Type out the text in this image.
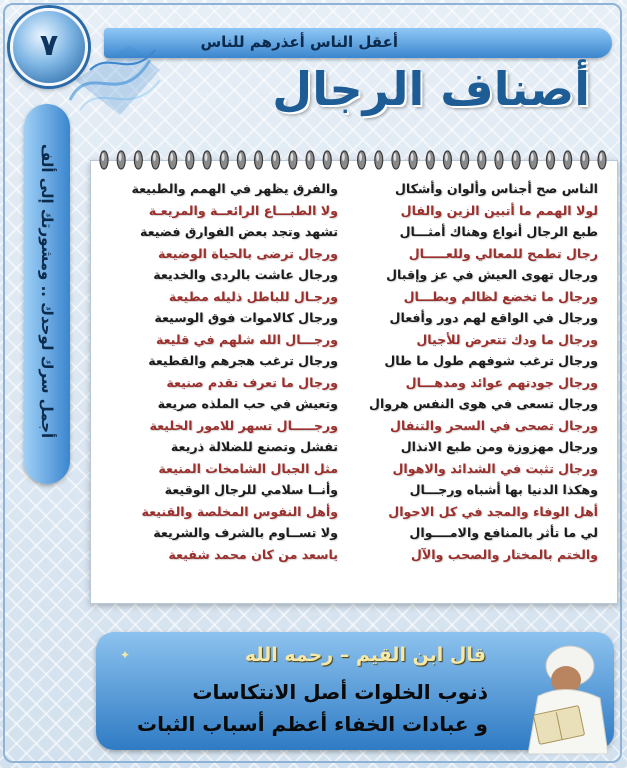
أجمل سرك لوحدك .. ومشورتك إلى ألف
أعقل الناس أعذرهم للناس
٧
أصناف الرجال
الناس صح أجناس وألوان وأشكال
والفرق يظهر في الهمم والطبيعة
لولا الهمم ما أتبين الزين والفال
ولا الطبـــاع الرائعــة والمريعـة
طبع الرجال أنواع وهناك أمثـــال
تشهد وتجد بعض الفوارق فضيعة
رجال تطمح للمعالي وللعـــــال
ورجال ترضى بالحياة الوضيعة
ورجال تهوى العيش في عز وإقبال
ورجال عاشت بالردى والخديعة
ورجال ما تخضع لظالم وبطـــال
ورجـال للباطل ذليله مطيعة
ورجال في الواقع لهم دور وأفعال
ورجال كالاموات فوق الوسيعة
ورجال ما ودك تتعرض للأجيال
ورجـــال الله شلهم في قليعة
ورجال ترغب شوفهم طول ما طال
ورجال ترغب هجرهم والقطيعة
ورجال جودتهم عوائد ومدهـــال
ورجال ما تعرف تقدم صنيعة
ورجال تسعى في هوى النفس هروال
وتعيش في حب الملذه صريعة
ورجال تصحى في السحر والتنفال
ورجـــــال تسهر للامور الخليعة
ورجال مهزوزة ومن طبع الانذال
تفشل وتصنع للضلالة ذريعة
ورجال تثبت في الشدائد والاهوال
مثل الجبال الشامخات المنيعة
وهكذا الدنيا بها أشباه ورجـــال
وأنــا سلامي للرجال الوقيعة
أهل الوفاء والمجد في كل الاحوال
وأهل النفوس المخلصة والقنيعة
لي ما تأثر بالمنافع والامــــوال
ولا تســاوم بالشرف والشريعة
والختم بالمختار والصحب والآل
ياسعد من كان محمد شفيعة
قال ابن القيم – رحمه الله
ذنوب الخلوات أصل الانتكاسات
و عبادات الخفاء أعظم أسباب الثبات
✦
